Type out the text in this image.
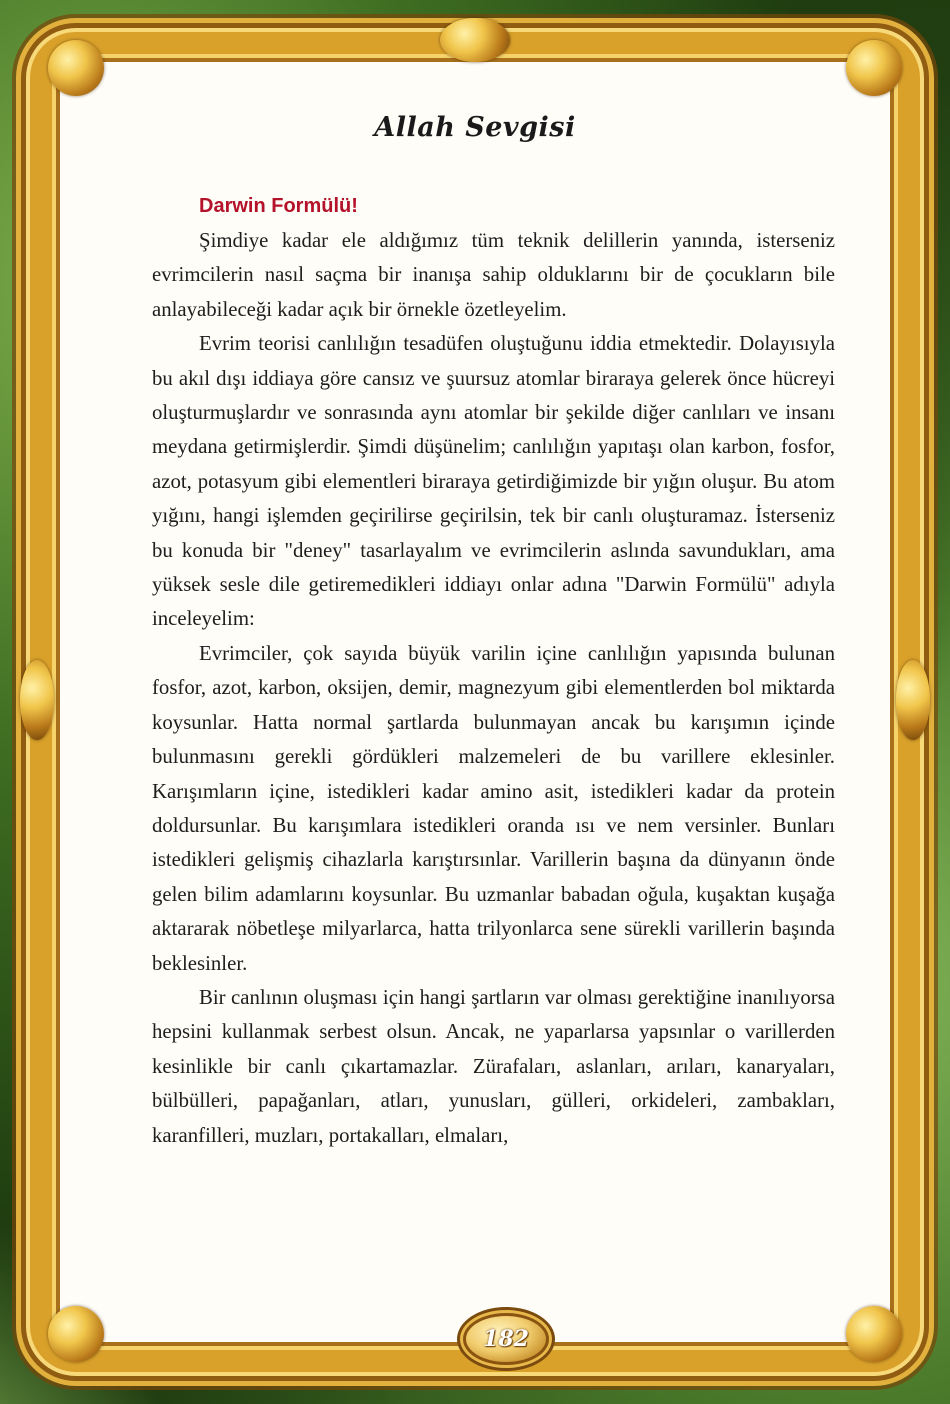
Allah Sevgisi
Darwin Formülü!

Şimdiye kadar ele aldığımız tüm teknik delillerin yanında, isterseniz evrimcilerin nasıl saçma bir inanışa sahip olduklarını bir de çocukların bile anlayabileceği kadar açık bir örnekle özetleyelim.

Evrim teorisi canlılığın tesadüfen oluştuğunu iddia etmektedir. Dolayısıyla bu akıl dışı iddiaya göre cansız ve şuursuz atomlar biraraya gelerek önce hücreyi oluşturmuşlardır ve sonrasında aynı atomlar bir şekilde diğer canlıları ve insanı meydana getirmişlerdir. Şimdi düşünelim; canlılığın yapıtaşı olan karbon, fosfor, azot, potasyum gibi elementleri biraraya getirdiğimizde bir yığın oluşur. Bu atom yığını, hangi işlemden geçirilirse geçirilsin, tek bir canlı oluşturamaz. İsterseniz bu konuda bir "deney" tasarlayalım ve evrimcilerin aslında savundukları, ama yüksek sesle dile getiremedikleri iddiayı onlar adına "Darwin Formülü" adıyla inceleyelim:

Evrimciler, çok sayıda büyük varilin içine canlılığın yapısında bulunan fosfor, azot, karbon, oksijen, demir, magnezyum gibi elementlerden bol miktarda koysunlar. Hatta normal şartlarda bulunmayan ancak bu karışımın içinde bulunmasını gerekli gördükleri malzemeleri de bu varillere eklesinler. Karışımların içine, istedikleri kadar amino asit, istedikleri kadar da protein doldursunlar. Bu karışımlara istedikleri oranda ısı ve nem versinler. Bunları istedikleri gelişmiş cihazlarla karıştırsınlar. Varillerin başına da dünyanın önde gelen bilim adamlarını koysunlar. Bu uzmanlar babadan oğula, kuşaktan kuşağa aktararak nöbetleşe milyarlarca, hatta trilyonlarca sene sürekli varillerin başında beklesinler.

Bir canlının oluşması için hangi şartların var olması gerektiğine inanılıyorsa hepsini kullanmak serbest olsun. Ancak, ne yaparlarsa yapsınlar o varillerden kesinlikle bir canlı çıkartamazlar. Zürafaları, aslanları, arıları, kanaryaları, bülbülleri, papağanları, atları, yunusları, gülleri, orkideleri, zambakları, karanfilleri, muzları, portakalları, elmaları,

182
